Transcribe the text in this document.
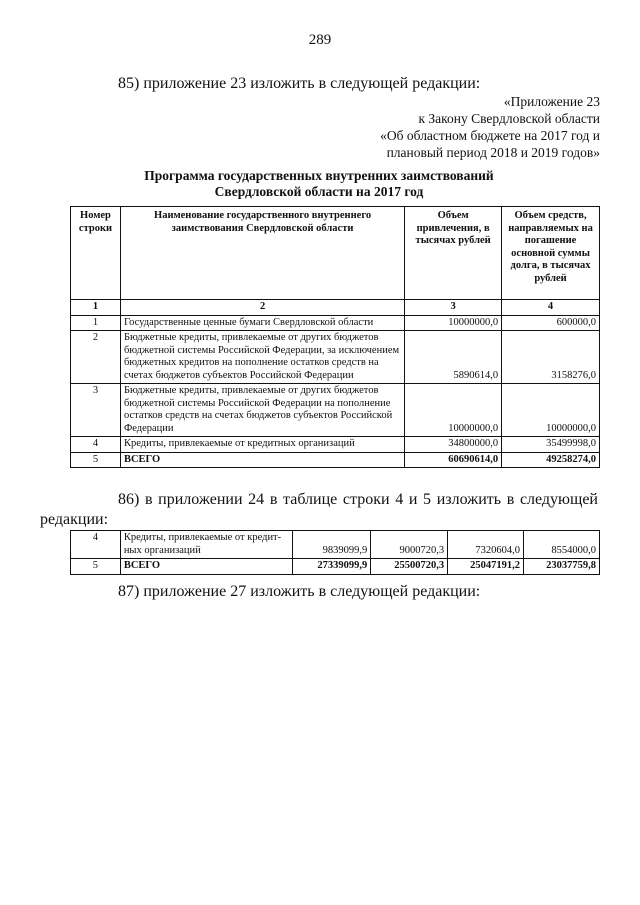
289
85) приложение 23 изложить в следующей редакции:
«Приложение 23
к Закону Свердловской области
«Об областном бюджете на 2017 год и
плановый период 2018 и 2019 годов»
Программа государственных внутренних заимствований
Свердловской области на 2017 год
Номер строки	Наименование государственного внутреннего заимствования Свердловской области	Объем привлечения, в тысячах рублей	Объем средств, направляемых на погашение основной суммы долга, в тысячах рублей
1	2	3	4
1	Государственные ценные бумаги Свердловской области	10000000,0	600000,0
2	Бюджетные кредиты, привлекаемые от других бюджетов бюджетной системы Российской Федерации, за исключением бюджетных кредитов на пополнение остатков средств на счетах бюджетов субъектов Российской Федерации	5890614,0	3158276,0
3	Бюджетные кредиты, привлекаемые от других бюджетов бюджетной системы Российской Федерации на пополнение остатков средств на счетах бюджетов субъектов Российской Федерации	10000000,0	10000000,0
4	Кредиты, привлекаемые от кредитных организаций	34800000,0	35499998,0
5	ВСЕГО	60690614,0	49258274,0
86) в приложении 24 в таблице строки 4 и 5 изложить в следующей редакции:
4	Кредиты, привлекаемые от кредит-ных организаций	9839099,9	9000720,3	7320604,0	8554000,0
5	ВСЕГО	27339099,9	25500720,3	25047191,2	23037759,8
87) приложение 27 изложить в следующей редакции:
